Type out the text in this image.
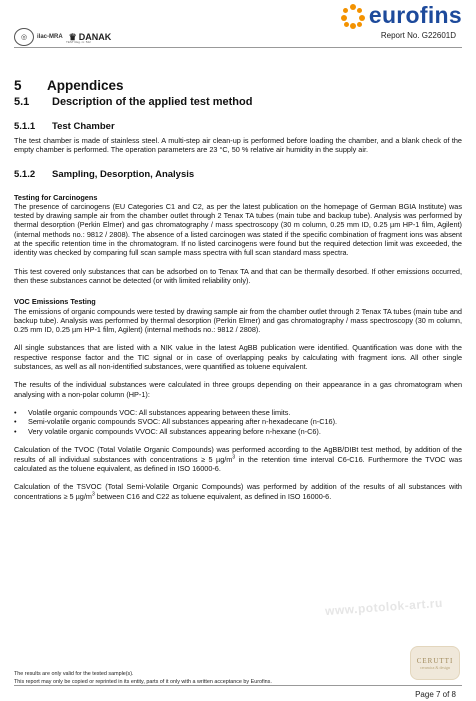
◎	ilac-MRA ♛ DANAK
TEST Reg. nr. 522
eurofins
Report No. G22601D
5	Appendices
5.1	Description of the applied test method
5.1.1	Test Chamber

The test chamber is made of stainless steel. A multi-step air clean-up is performed before loading the chamber, and a blank check of the empty chamber is performed. The operation parameters are 23 °C, 50 % relative air humidity in the supply air.

5.1.2	Sampling, Desorption, Analysis
Testing for Carcinogens

The presence of carcinogens (EU Categories C1 and C2, as per the latest publication on the homepage of German BGIA Institute) was tested by drawing sample air from the chamber outlet through 2 Tenax TA tubes (main tube and backup tube). Analysis was performed by thermal desorption (Perkin Elmer) and gas chromatography / mass spectroscopy (30 m column, 0.25 mm ID, 0.25 µm HP-1 film, Agilent) (internal methods no.: 9812 / 2808). The absence of a listed carcinogen was stated if the specific combination of fragment ions was absent at the specific retention time in the chromatogram. If no listed carcinogens were found but the required detection limit was exceeded, the identity was checked by comparing full scan sample mass spectra with full scan standard mass spectra.

This test covered only substances that can be adsorbed on to Tenax TA and that can be thermally desorbed. If other emissions occurred, then these substances cannot be detected (or with limited reliability only).

VOC Emissions Testing

The emissions of organic compounds were tested by drawing sample air from the chamber outlet through 2 Tenax TA tubes (main tube and backup tube). Analysis was performed by thermal desorption (Perkin Elmer) and gas chromatography / mass spectroscopy (30 m column, 0.25 mm ID, 0.25 µm HP-1 film, Agilent) (internal methods no.: 9812 / 2808).

All single substances that are listed with a NIK value in the latest AgBB publication were identified. Quantification was done with the respective response factor and the TIC signal or in case of overlapping peaks by calculating with fragment ions. All other single substances, as well as all non-identified substances, were quantified as toluene equivalent.

The results of the individual substances were calculated in three groups depending on their appearance in a gas chromatogram when analysing with a non-polar column (HP-1):

•	Volatile organic compounds VOC: All substances appearing between these limits.
•	Semi-volatile organic compounds SVOC: All substances appearing after n-hexadecane (n-C16).
•	Very volatile organic compounds VVOC: All substances appearing before n-hexane (n-C6).

Calculation of the TVOC (Total Volatile Organic Compounds) was performed according to the AgBB/DIBt test method, by addition of the results of all individual substances with concentrations ≥ 5 $\mu g/m^3$ in the retention time interval C6-C16. Furthermore the TVOC was calculated as the toluene equivalent, as defined in ISO 16000-6.

Calculation of the TSVOC (Total Semi-Volatile Organic Compounds) was performed by addition of the results of all substances with concentrations ≥ 5 $\mu g/m^3$ between C16 and C22 as toluene equivalent, as defined in ISO 16000-6.

www.potolok-art.ru
CERUTTI
ceramica & design
The results are only valid for the tested sample(s).
This report may only be copied or reprinted in its entity, parts of it only with a written acceptance by Eurofins.
Page 7 of 8
